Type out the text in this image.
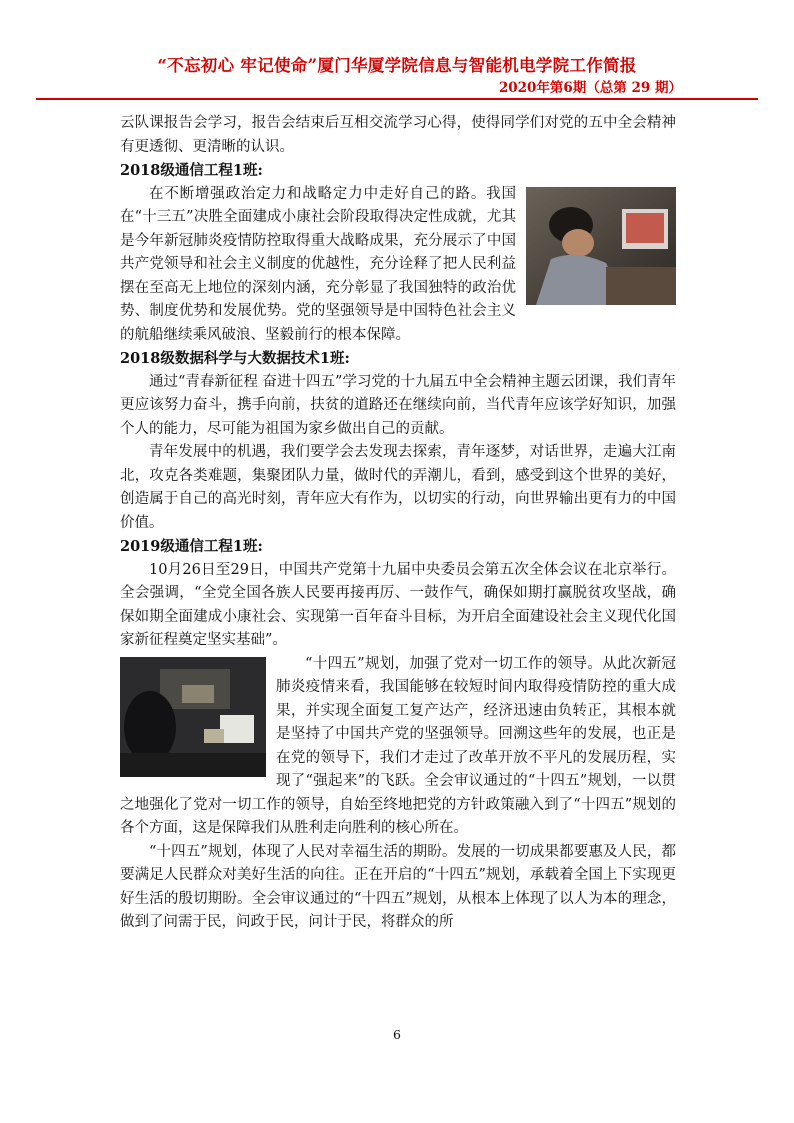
“不忘初心 牢记使命”厦门华厦学院信息与智能机电学院工作简报
2020年第6期（总第 29 期）

云队课报告会学习，报告会结束后互相交流学习心得，使得同学们对党的五中全会精神有更透彻、更清晰的认识。

2018级通信工程1班:

在不断增强政治定力和战略定力中走好自己的路。我国在“十三五”决胜全面建成小康社会阶段取得决定性成就，尤其是今年新冠肺炎疫情防控取得重大战略成果，充分展示了中国共产党领导和社会主义制度的优越性，充分诠释了把人民利益摆在至高无上地位的深刻内涵，充分彰显了我国独特的政治优势、制度优势和发展优势。党的坚强领导是中国特色社会主义的航船继续乘风破浪、坚毅前行的根本保障。

2018级数据科学与大数据技术1班:

通过“青春新征程 奋进十四五”学习党的十九届五中全会精神主题云团课，我们青年更应该努力奋斗，携手向前，扶贫的道路还在继续向前，当代青年应该学好知识，加强个人的能力，尽可能为祖国为家乡做出自己的贡献。

青年发展中的机遇，我们要学会去发现去探索，青年逐梦，对话世界，走遍大江南北，攻克各类难题，集聚团队力量，做时代的弄潮儿，看到，感受到这个世界的美好，创造属于自己的高光时刻，青年应大有作为，以切实的行动，向世界输出更有力的中国价值。

2019级通信工程1班:

10月26日至29日，中国共产党第十九届中央委员会第五次全体会议在北京举行。全会强调，“全党全国各族人民要再接再厉、一鼓作气，确保如期打赢脱贫攻坚战，确保如期全面建成小康社会、实现第一百年奋斗目标，为开启全面建设社会主义现代化国家新征程奠定坚实基础”。

“十四五”规划，加强了党对一切工作的领导。从此次新冠肺炎疫情来看，我国能够在较短时间内取得疫情防控的重大成果，并实现全面复工复产达产，经济迅速由负转正，其根本就是坚持了中国共产党的坚强领导。回溯这些年的发展，也正是在党的领导下，我们才走过了改革开放不平凡的发展历程，实现了“强起来”的飞跃。全会审议通过的“十四五”规划，一以贯之地强化了党对一切工作的领导，自始至终地把党的方针政策融入到了“十四五”规划的各个方面，这是保障我们从胜利走向胜利的核心所在。

“十四五”规划，体现了人民对幸福生活的期盼。发展的一切成果都要惠及人民，都要满足人民群众对美好生活的向往。正在开启的“十四五”规划，承载着全国上下实现更好生活的殷切期盼。全会审议通过的“十四五”规划，从根本上体现了以人为本的理念，做到了问需于民，问政于民，问计于民，将群众的所

6
